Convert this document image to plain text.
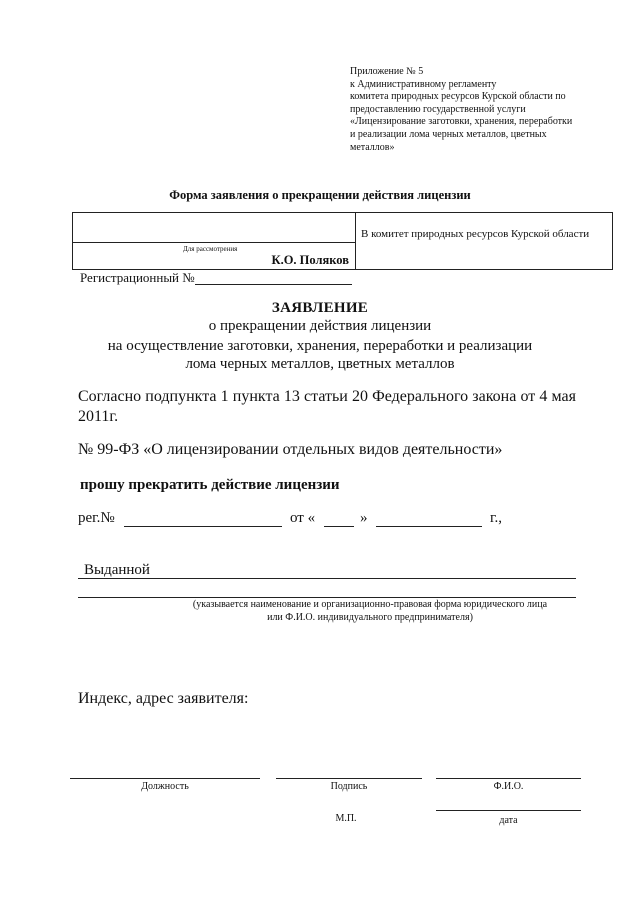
Приложение № 5
к Административному регламенту
комитета природных ресурсов Курской области по
предоставлению государственной услуги
«Лицензирование заготовки, хранения, переработки
и реализации лома черных металлов, цветных
металлов»
Форма заявления о прекращении действия лицензии
Для рассмотрения
К.О. Поляков
В комитет природных ресурсов Курской области
Регистрационный №
ЗАЯВЛЕНИЕ
о прекращении действия лицензии
на осуществление заготовки, хранения, переработки и реализации
лома черных металлов, цветных металлов
Согласно подпункта 1 пункта 13 статьи 20 Федерального закона от 4 мая 2011г.
№ 99-ФЗ «О лицензировании отдельных видов деятельности»
прошу прекратить действие лицензии
рег.№	от «	»	г.,
Выданной
(указывается наименование и организационно-правовая форма юридического лица
или Ф.И.О. индивидуального предпринимателя)
Индекс, адрес заявителя:
Должность	Подпись	Ф.И.О.
М.П.	дата
